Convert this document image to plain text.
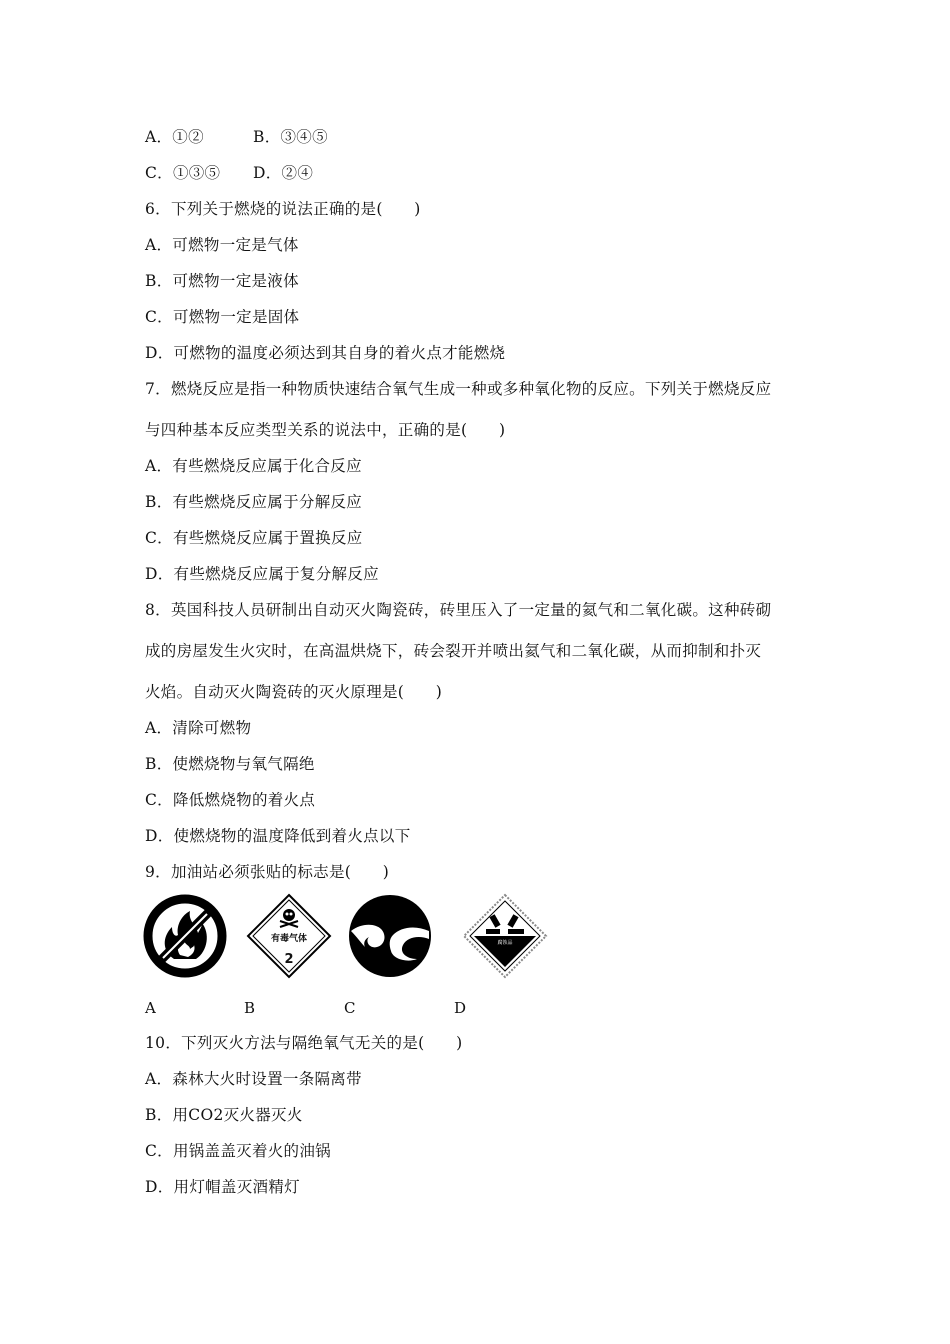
A．①②	B．③④⑤
C．①③⑤ D．②④
6．下列关于燃烧的说法正确的是(　　)
A．可燃物一定是气体
B．可燃物一定是液体
C．可燃物一定是固体
D．可燃物的温度必须达到其自身的着火点才能燃烧
7．燃烧反应是指一种物质快速结合氧气生成一种或多种氧化物的反应。下列关于燃烧反应
与四种基本反应类型关系的说法中，正确的是(　　)
A．有些燃烧反应属于化合反应
B．有些燃烧反应属于分解反应
C．有些燃烧反应属于置换反应
D．有些燃烧反应属于复分解反应
8．英国科技人员研制出自动灭火陶瓷砖，砖里压入了一定量的氦气和二氧化碳。这种砖砌
成的房屋发生火灾时，在高温烘烧下，砖会裂开并喷出氦气和二氧化碳，从而抑制和扑灭
火焰。自动灭火陶瓷砖的灭火原理是(　　)
A．清除可燃物
B．使燃烧物与氧气隔绝
C．降低燃烧物的着火点
D．使燃烧物的温度降低到着火点以下
9．加油站必须张贴的标志是(　　)
有毒气体
2
腐蚀品
A	B	C	D
10．下列灭火方法与隔绝氧气无关的是(　　)
A．森林大火时设置一条隔离带
B．用CO2灭火器灭火
C．用锅盖盖灭着火的油锅
D．用灯帽盖灭酒精灯
